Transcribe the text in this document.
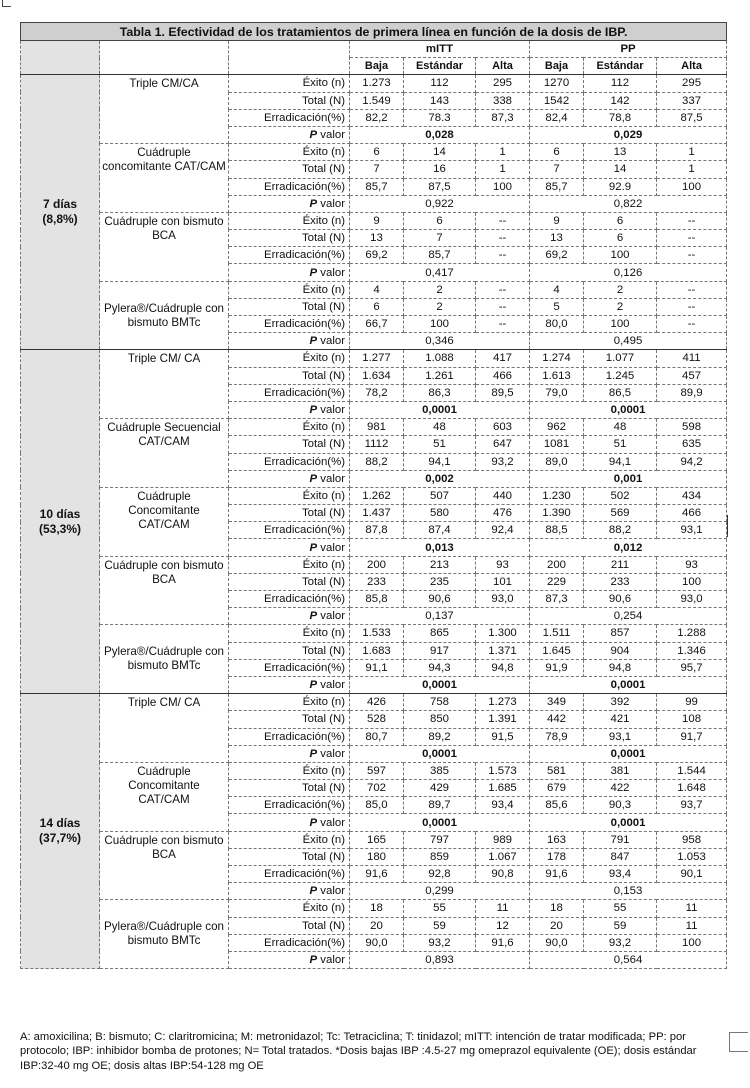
Tabla 1. Efectividad de los tratamientos de primera línea en función de la dosis de IBP.								
			mITT			PP		
			Baja	Estándar	Alta	Baja	Estándar	Alta

7 días
(8,8%)	Triple CM/CA	Éxito (n)	1.273	112	295	1270	112	295
		Total (N)	1.549	143	338	1542	142	337
		Erradicación(%)	82,2	78.3	87,3	82,4	78,8	87,5
		P valor	0,028			0,029		
	Cuádruple concomitante CAT/CAM	Éxito (n)	6	14	1	6	13	1
		Total (N)	7	16	1	7	14	1
		Erradicación(%)	85,7	87,5	100	85,7	92.9	100
		P valor	0,922			0,822		
	Cuádruple con bismuto BCA	Éxito (n)	9	6	--	9	6	--
		Total (N)	13	7	--	13	6	--
		Erradicación(%)	69,2	85,7	--	69,2	100	--
		P valor	0,417			0,126		
	Pylera®/Cuádruple con bismuto BMTc	Éxito (n)	4	2	--	4	2	--
		Total (N)	6	2	--	5	2	--
		Erradicación(%)	66,7	100	--	80,0	100	--
		P valor	0,346			0,495		

10 días
(53,3%)	Triple CM/ CA	Éxito (n)	1.277	1.088	417	1.274	1.077	411
		Total (N)	1.634	1.261	466	1.613	1.245	457
		Erradicación(%)	78,2	86,3	89,5	79,0	86,5	89,9
		P valor	0,0001			0,0001		
	Cuádruple Secuencial CAT/CAM	Éxito (n)	981	48	603	962	48	598
		Total (N)	1112	51	647	1081	51	635
		Erradicación(%)	88,2	94,1	93,2	89,0	94,1	94,2
		P valor	0,002			0,001		
	Cuádruple Concomitante CAT/CAM	Éxito (n)	1.262	507	440	1.230	502	434
		Total (N)	1.437	580	476	1.390	569	466
		Erradicación(%)	87,8	87,4	92,4	88,5	88,2	93,1
		P valor	0,013			0,012		
	Cuádruple con bismuto BCA	Éxito (n)	200	213	93	200	211	93
		Total (N)	233	235	101	229	233	100
		Erradicación(%)	85,8	90,6	93,0	87,3	90,6	93,0
		P valor	0,137			0,254		
	Pylera®/Cuádruple con bismuto BMTc	Éxito (n)	1.533	865	1.300	1.511	857	1.288
		Total (N)	1.683	917	1.371	1.645	904	1.346
		Erradicación(%)	91,1	94,3	94,8	91,9	94,8	95,7
		P valor	0,0001			0,0001		

14 días
(37,7%)	Triple CM/ CA	Éxito (n)	426	758	1.273	349	392	99
		Total (N)	528	850	1.391	442	421	108
		Erradicación(%)	80,7	89,2	91,5	78,9	93,1	91,7
		P valor	0,0001			0,0001		
	Cuádruple Concomitante CAT/CAM	Éxito (n)	597	385	1.573	581	381	1.544
		Total (N)	702	429	1.685	679	422	1.648
		Erradicación(%)	85,0	89,7	93,4	85,6	90,3	93,7
		P valor	0,0001			0,0001		
	Cuádruple con bismuto BCA	Éxito (n)	165	797	989	163	791	958
		Total (N)	180	859	1.067	178	847	1.053
		Erradicación(%)	91,6	92,8	90,8	91,6	93,4	90,1
		P valor	0,299			0,153		
	Pylera®/Cuádruple con bismuto BMTc	Éxito (n)	18	55	11	18	55	11
		Total (N)	20	59	12	20	59	11
		Erradicación(%)	90,0	93,2	91,6	90,0	93,2	100
		P valor	0,893			0,564		
A: amoxicilina; B: bismuto; C: claritromicina; M: metronidazol; Tc: Tetraciclina; T: tinidazol; mITT: intención de tratar modificada; PP: por protocolo; IBP: inhibidor bomba de protones; N= Total tratados. *Dosis bajas IBP :4.5-27 mg omeprazol equivalente (OE); dosis estándar IBP:32-40 mg OE; dosis altas IBP:54-128 mg OE
